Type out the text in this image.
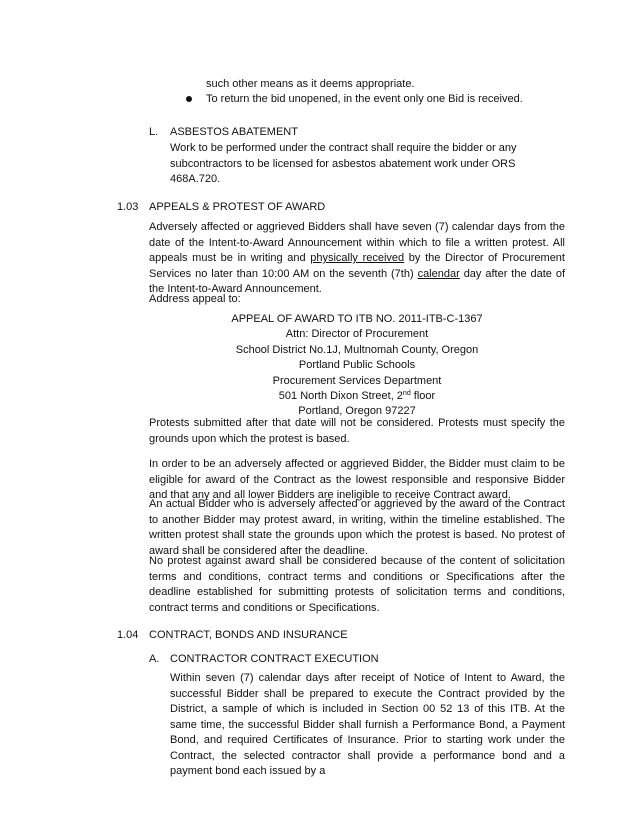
such other means as it deems appropriate.
To return the bid unopened, in the event only one Bid is received.
L. ASBESTOS ABATEMENT
Work to be performed under the contract shall require the bidder or any subcontractors to be licensed for asbestos abatement work under ORS 468A.720.
1.03 APPEALS & PROTEST OF AWARD
Adversely affected or aggrieved Bidders shall have seven (7) calendar days from the date of the Intent-to-Award Announcement within which to file a written protest. All appeals must be in writing and physically received by the Director of Procurement Services no later than 10:00 AM on the seventh (7th) calendar day after the date of the Intent-to-Award Announcement.
Address appeal to:
APPEAL OF AWARD TO ITB NO. 2011-ITB-C-1367
Attn: Director of Procurement
School District No.1J, Multnomah County, Oregon
Portland Public Schools
Procurement Services Department
501 North Dixon Street, 2nd floor
Portland, Oregon 97227
Protests submitted after that date will not be considered. Protests must specify the grounds upon which the protest is based.
In order to be an adversely affected or aggrieved Bidder, the Bidder must claim to be eligible for award of the Contract as the lowest responsible and responsive Bidder and that any and all lower Bidders are ineligible to receive Contract award.
An actual Bidder who is adversely affected or aggrieved by the award of the Contract to another Bidder may protest award, in writing, within the timeline established. The written protest shall state the grounds upon which the protest is based. No protest of award shall be considered after the deadline.
No protest against award shall be considered because of the content of solicitation terms and conditions, contract terms and conditions or Specifications after the deadline established for submitting protests of solicitation terms and conditions, contract terms and conditions or Specifications.
1.04 CONTRACT, BONDS AND INSURANCE
A. CONTRACTOR CONTRACT EXECUTION
Within seven (7) calendar days after receipt of Notice of Intent to Award, the successful Bidder shall be prepared to execute the Contract provided by the District, a sample of which is included in Section 00 52 13 of this ITB. At the same time, the successful Bidder shall furnish a Performance Bond, a Payment Bond, and required Certificates of Insurance. Prior to starting work under the Contract, the selected contractor shall provide a performance bond and a payment bond each issued by a
